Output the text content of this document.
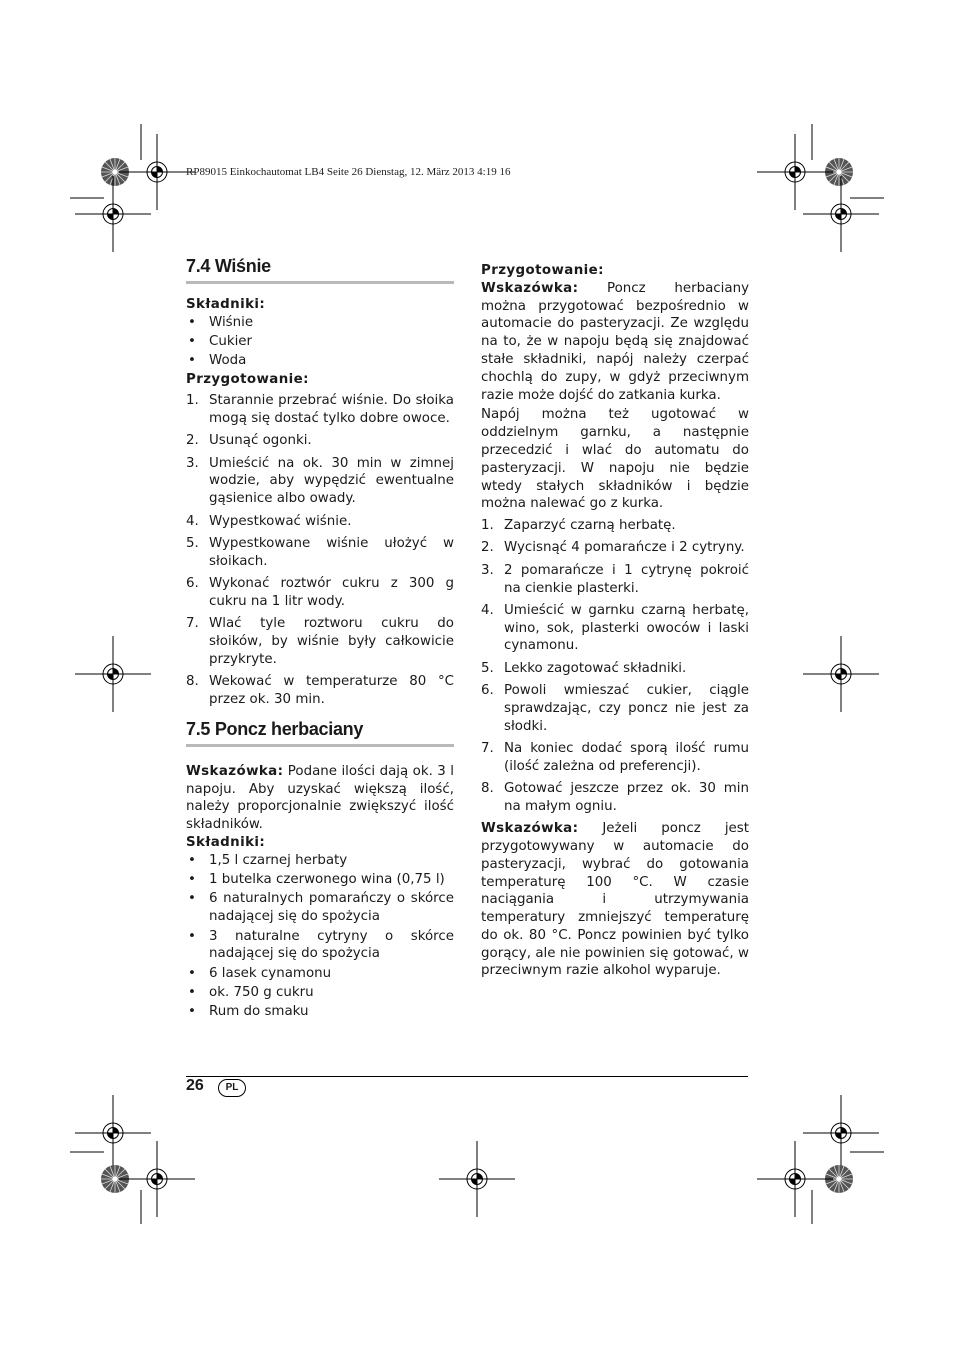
RP89015 Einkochautomat LB4 Seite 26 Dienstag, 12. März 2013 4:19 16
7.4 Wiśnie
Składniki:
• Wiśnie
• Cukier
• Woda
Przygotowanie:
1. Starannie przebrać wiśnie. Do słoika mogą się dostać tylko dobre owoce.
2. Usunąć ogonki.
3. Umieścić na ok. 30 min w zimnej wodzie, aby wypędzić ewentualne gąsienice albo owady.
4. Wypestkować wiśnie.
5. Wypestkowane wiśnie ułożyć w słoikach.
6. Wykonać roztwór cukru z 300 g cukru na 1 litr wody.
7. Wlać tyle roztworu cukru do słoików, by wiśnie były całkowicie przykryte.
8. Wekować w temperaturze 80 °C przez ok. 30 min.
7.5 Poncz herbaciany

Wskazówka: Podane ilości dają ok. 3 l napoju. Aby uzyskać większą ilość, należy proporcjonalnie zwiększyć ilość składników.

Składniki:
• 1,5 l czarnej herbaty
• 1 butelka czerwonego wina (0,75 l)
• 6 naturalnych pomarańczy o skórce nadającej się do spożycia
• 3 naturalne cytryny o skórce nadającej się do spożycia
• 6 lasek cynamonu
• ok. 750 g cukru
• Rum do smaku
Przygotowanie:

Wskazówka: Poncz herbaciany można przygotować bezpośrednio w automacie do pasteryzacji. Ze względu na to, że w napoju będą się znajdować stałe składniki, napój należy czerpać chochlą do zupy, w gdyż przeciwnym razie może dojść do zatkania kurka.

Napój można też ugotować w oddzielnym garnku, a następnie przecedzić i wlać do automatu do pasteryzacji. W napoju nie będzie wtedy stałych składników i będzie można nalewać go z kurka.

1. Zaparzyć czarną herbatę.
2. Wycisnąć 4 pomarańcze i 2 cytryny.
3. 2 pomarańcze i 1 cytrynę pokroić na cienkie plasterki.
4. Umieścić w garnku czarną herbatę, wino, sok, plasterki owoców i laski cynamonu.
5. Lekko zagotować składniki.
6. Powoli wmieszać cukier, ciągle sprawdzając, czy poncz nie jest za słodki.
7. Na koniec dodać sporą ilość rumu (ilość zależna od preferencji).
8. Gotować jeszcze przez ok. 30 min na małym ogniu.

Wskazówka: Jeżeli poncz jest przygotowywany w automacie do pasteryzacji, wybrać do gotowania temperaturę 100 °C. W czasie naciągania i utrzymywania temperatury zmniejszyć temperaturę do ok. 80 °C. Poncz powinien być tylko gorący, ale nie powinien się gotować, w przeciwnym razie alkohol wyparuje.

26	PL
